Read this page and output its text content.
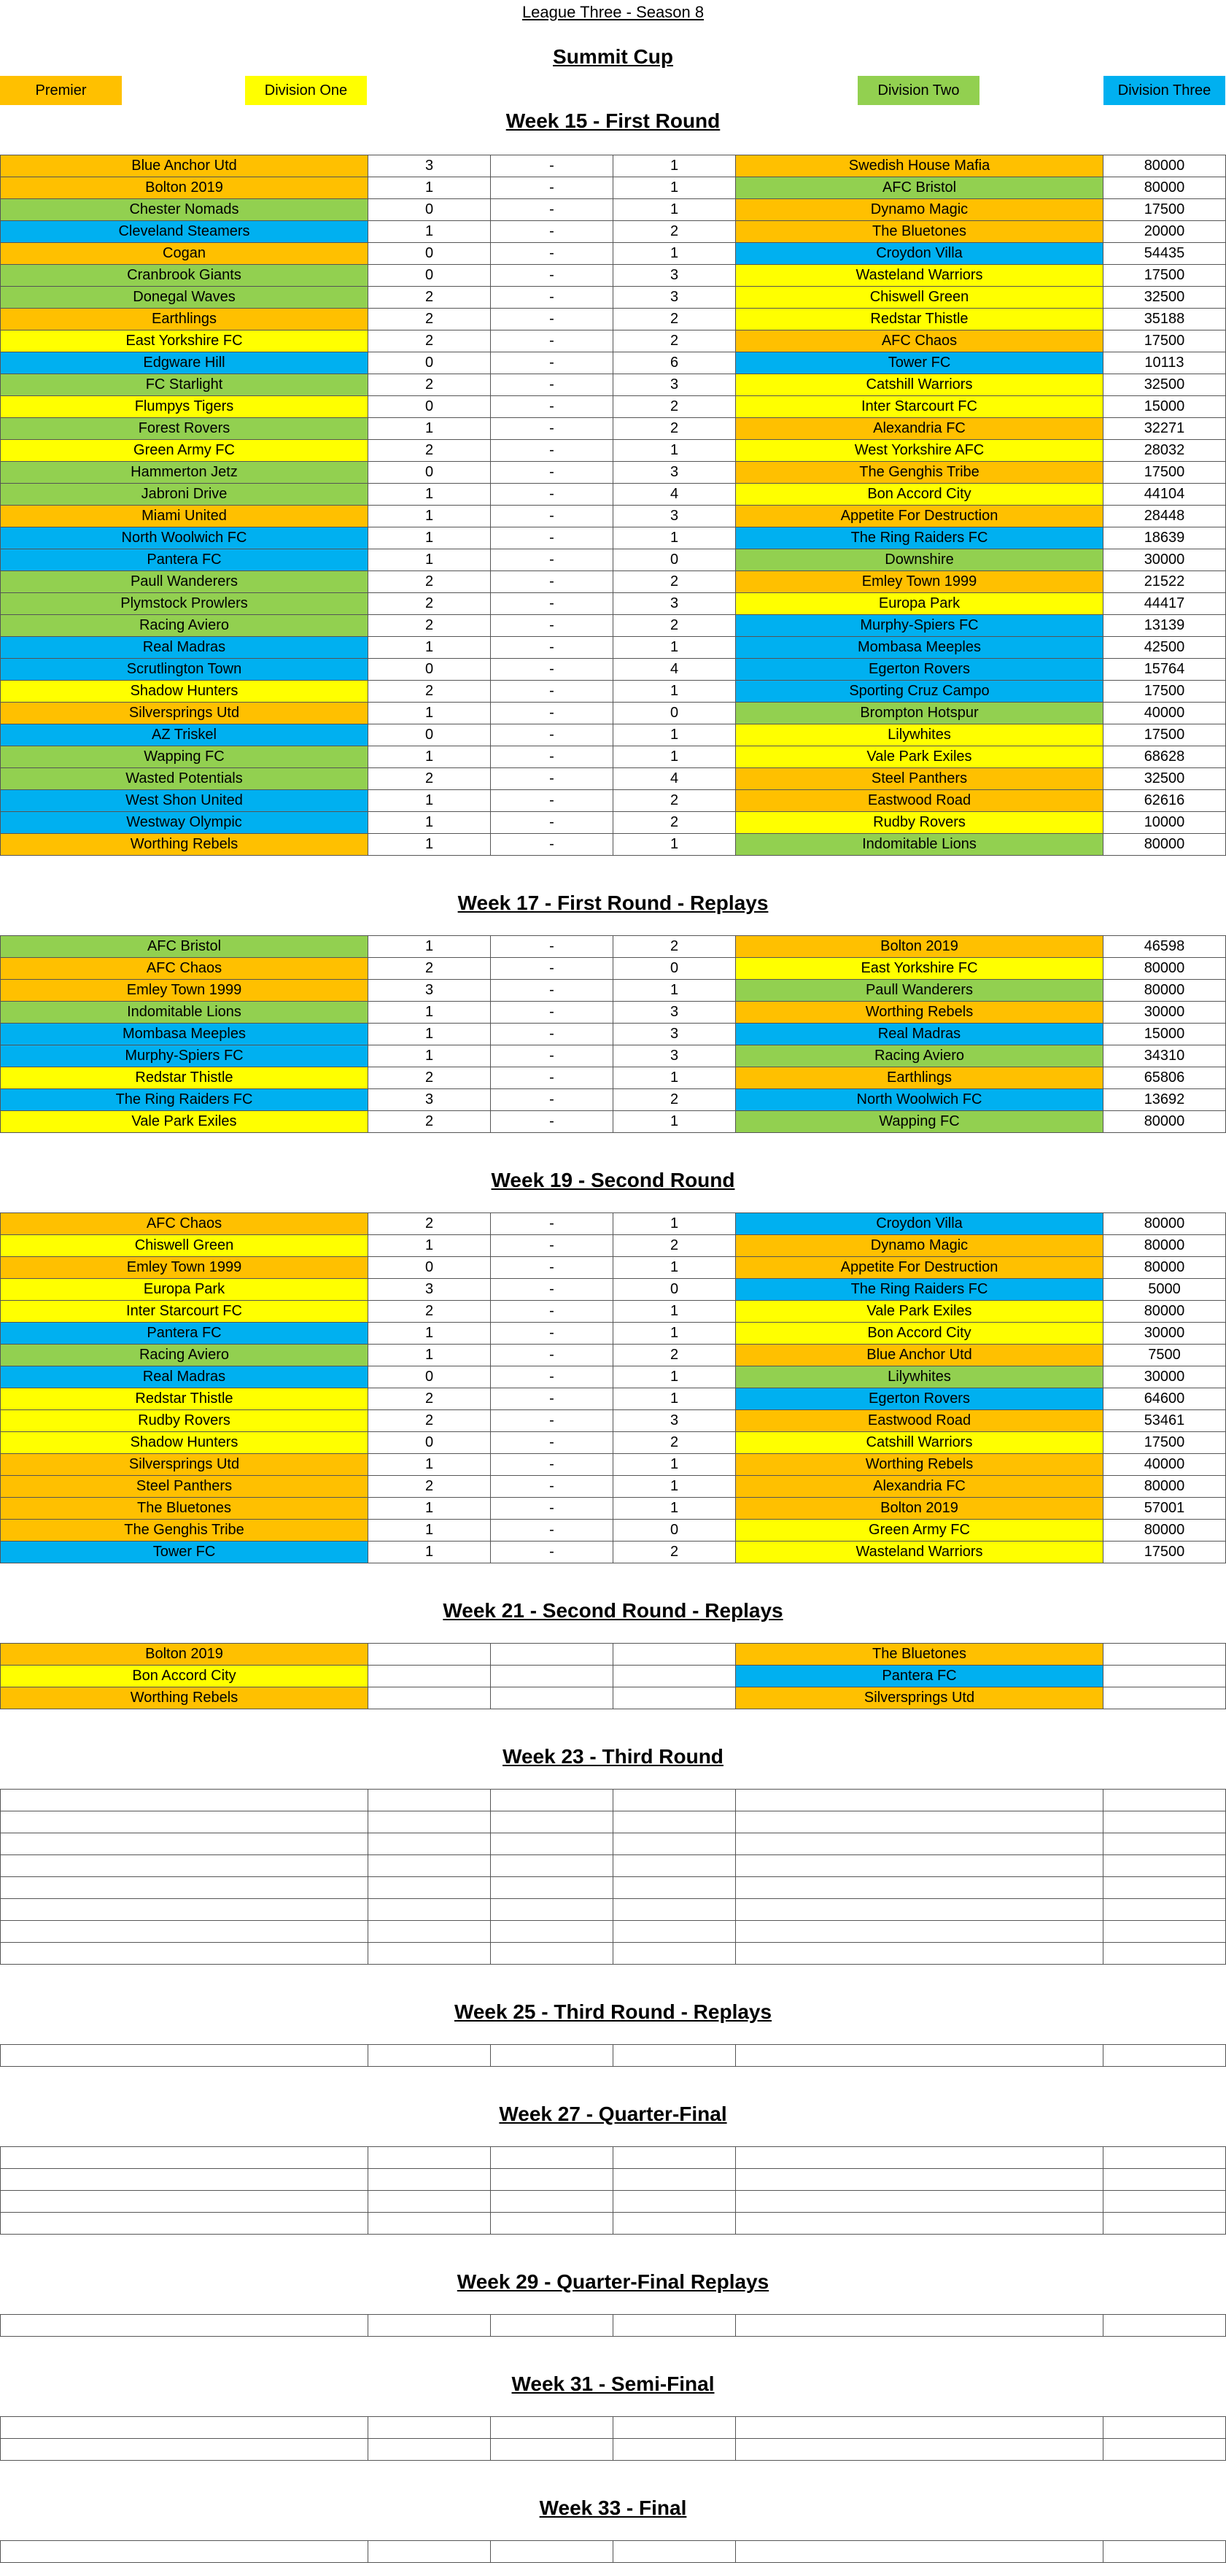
League Three - Season 8
Summit Cup
Premier	Division One	Division Two	Division Three
Week 15 - First Round
Blue Anchor Utd	3	-	1	Swedish House Mafia	80000
Bolton 2019	1	-	1	AFC Bristol	80000
Chester Nomads	0	-	1	Dynamo Magic	17500
Cleveland Steamers	1	-	2	The Bluetones	20000
Cogan	0	-	1	Croydon Villa	54435
Cranbrook Giants	0	-	3	Wasteland Warriors	17500
Donegal Waves	2	-	3	Chiswell Green	32500
Earthlings	2	-	2	Redstar Thistle	35188
East Yorkshire FC	2	-	2	AFC Chaos	17500
Edgware Hill	0	-	6	Tower FC	10113
FC Starlight	2	-	3	Catshill Warriors	32500
Flumpys Tigers	0	-	2	Inter Starcourt FC	15000
Forest Rovers	1	-	2	Alexandria FC	32271
Green Army FC	2	-	1	West Yorkshire AFC	28032
Hammerton Jetz	0	-	3	The Genghis Tribe	17500
Jabroni Drive	1	-	4	Bon Accord City	44104
Miami United	1	-	3	Appetite For Destruction	28448
North Woolwich FC	1	-	1	The Ring Raiders FC	18639
Pantera FC	1	-	0	Downshire	30000
Paull Wanderers	2	-	2	Emley Town 1999	21522
Plymstock Prowlers	2	-	3	Europa Park	44417
Racing Aviero	2	-	2	Murphy-Spiers FC	13139
Real Madras	1	-	1	Mombasa Meeples	42500
Scrutlington Town	0	-	4	Egerton Rovers	15764
Shadow Hunters	2	-	1	Sporting Cruz Campo	17500
Silversprings Utd	1	-	0	Brompton Hotspur	40000
AZ Triskel	0	-	1	Lilywhites	17500
Wapping FC	1	-	1	Vale Park Exiles	68628
Wasted Potentials	2	-	4	Steel Panthers	32500
West Shon United	1	-	2	Eastwood Road	62616
Westway Olympic	1	-	2	Rudby Rovers	10000
Worthing Rebels	1	-	1	Indomitable Lions	80000
Week 17 - First Round - Replays
AFC Bristol	1	-	2	Bolton 2019	46598
AFC Chaos	2	-	0	East Yorkshire FC	80000
Emley Town 1999	3	-	1	Paull Wanderers	80000
Indomitable Lions	1	-	3	Worthing Rebels	30000
Mombasa Meeples	1	-	3	Real Madras	15000
Murphy-Spiers FC	1	-	3	Racing Aviero	34310
Redstar Thistle	2	-	1	Earthlings	65806
The Ring Raiders FC	3	-	2	North Woolwich FC	13692
Vale Park Exiles	2	-	1	Wapping FC	80000
Week 19 - Second Round
AFC Chaos	2	-	1	Croydon Villa	80000
Chiswell Green	1	-	2	Dynamo Magic	80000
Emley Town 1999	0	-	1	Appetite For Destruction	80000
Europa Park	3	-	0	The Ring Raiders FC	5000
Inter Starcourt FC	2	-	1	Vale Park Exiles	80000
Pantera FC	1	-	1	Bon Accord City	30000
Racing Aviero	1	-	2	Blue Anchor Utd	7500
Real Madras	0	-	1	Lilywhites	30000
Redstar Thistle	2	-	1	Egerton Rovers	64600
Rudby Rovers	2	-	3	Eastwood Road	53461
Shadow Hunters	0	-	2	Catshill Warriors	17500
Silversprings Utd	1	-	1	Worthing Rebels	40000
Steel Panthers	2	-	1	Alexandria FC	80000
The Bluetones	1	-	1	Bolton 2019	57001
The Genghis Tribe	1	-	0	Green Army FC	80000
Tower FC	1	-	2	Wasteland Warriors	17500
Week 21 - Second Round - Replays
Bolton 2019				The Bluetones	
Bon Accord City				Pantera FC	
Worthing Rebels				Silversprings Utd	
Week 23 - Third Round

Week 25 - Third Round - Replays

Week 27 - Quarter-Final

Week 29 - Quarter-Final Replays

Week 31 - Semi-Final

Week 33 - Final
